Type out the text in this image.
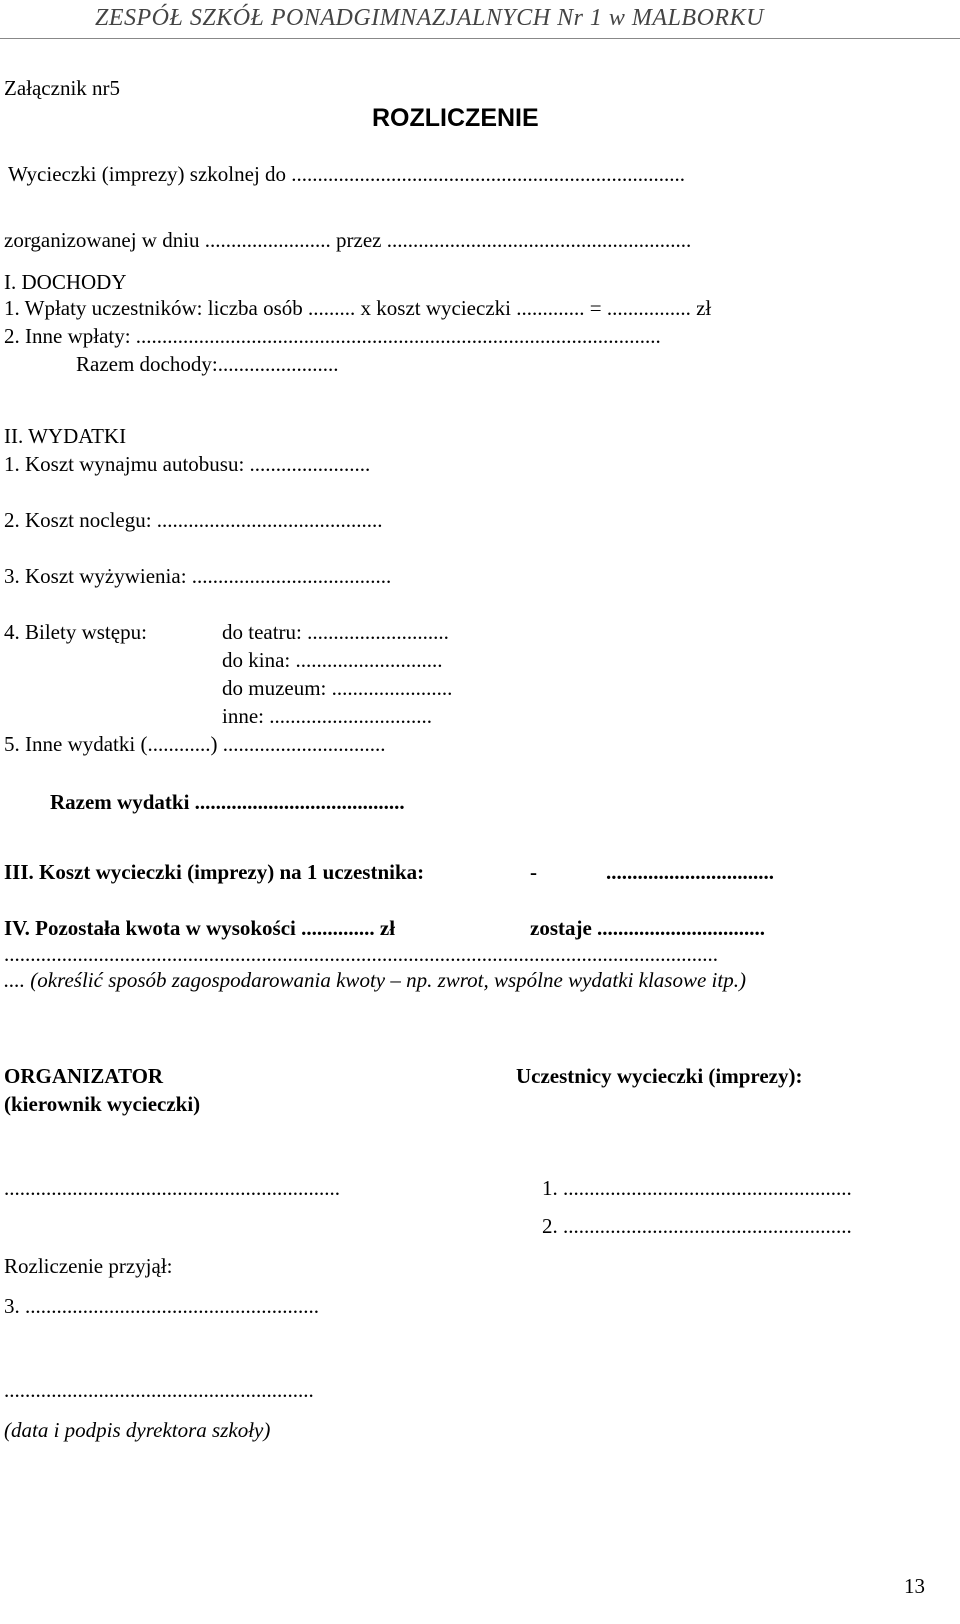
ZESPÓŁ SZKÓŁ PONADGIMNAZJALNYCH Nr 1 w MALBORKU
Załącznik nr5
ROZLICZENIE
Wycieczki (imprezy) szkolnej do ...........................................................................
zorganizowanej w dniu ........................ przez ..........................................................
I. DOCHODY
1. Wpłaty uczestników: liczba osób ......... x koszt wycieczki ............. = ................ zł
2. Inne wpłaty: ....................................................................................................
Razem dochody:.......................
II. WYDATKI
1. Koszt wynajmu autobusu: .......................
2. Koszt noclegu: ...........................................
3. Koszt wyżywienia: ......................................
4. Bilety wstępu:	do teatru: ...........................
do kina: ............................
do muzeum: .......................
inne: ...............................
5. Inne wydatki (............) ...............................
Razem wydatki ........................................
III. Koszt wycieczki (imprezy) na 1 uczestnika:	-	................................
IV. Pozostała kwota w wysokości .............. zł	zostaje ................................
........................................................................................................................................
.... (określić sposób zagospodarowania kwoty – np. zwrot, wspólne wydatki klasowe itp.)
ORGANIZATOR
(kierownik wycieczki)
Uczestnicy wycieczki (imprezy):
................................................................	1. .......................................................
2. .......................................................
Rozliczenie przyjął:
3. ........................................................
...........................................................
(data i podpis dyrektora szkoły)
13
